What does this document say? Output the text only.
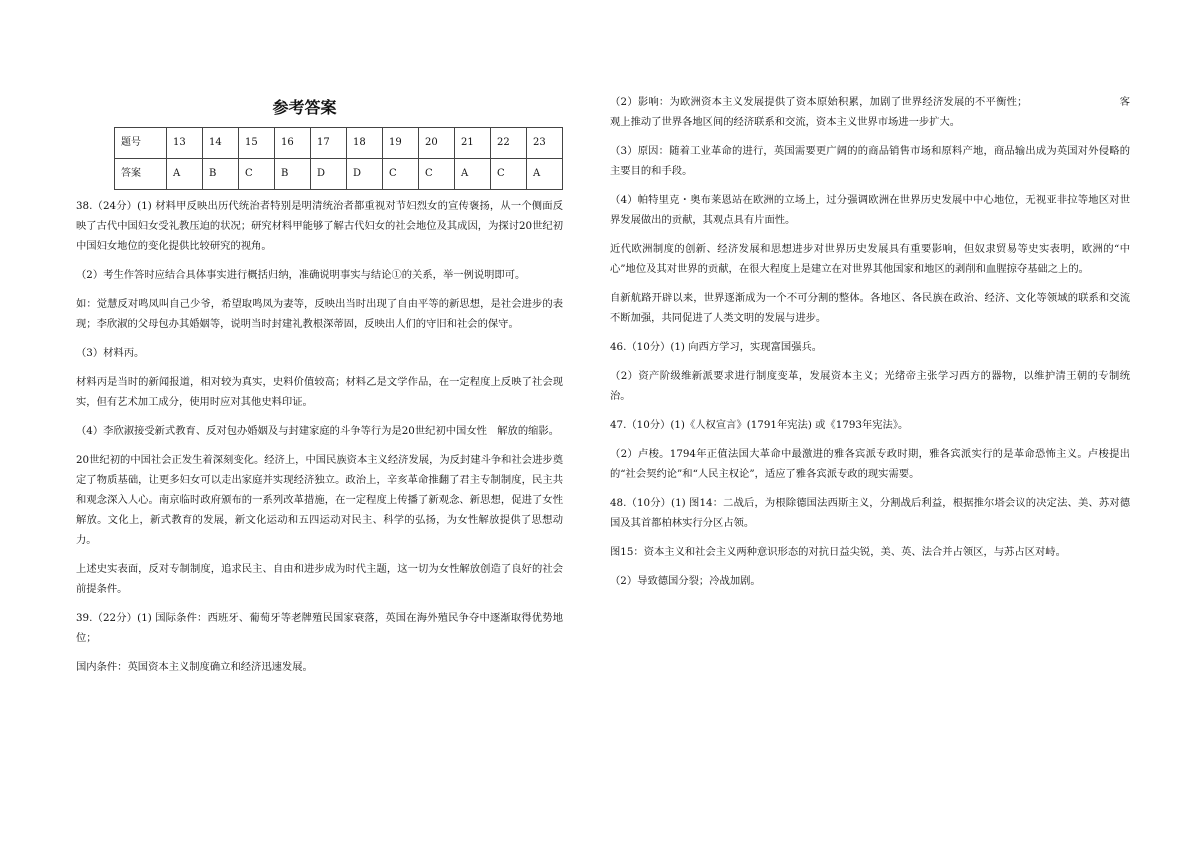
参考答案
题号	13	14	15	16	17	18	19	20	21	22	23
答案	A	B	C	B	D	D	C	C	A	C	A

38.（24分）(1) 材料甲反映出历代统治者特别是明清统治者都重视对节妇烈女的宣传褒扬，从一个侧面反映了古代中国妇女受礼教压迫的状况；研究材料甲能够了解古代妇女的社会地位及其成因，为探讨20世纪初中国妇女地位的变化提供比较研究的视角。

（2）考生作答时应结合具体事实进行概括归纳，准确说明事实与结论①的关系，举一例说明即可。

如：觉慧反对鸣凤叫自己少爷，希望取鸣凤为妻等，反映出当时出现了自由平等的新思想，是社会进步的表现；李欣淑的父母包办其婚姻等，说明当时封建礼教根深蒂固，反映出人们的守旧和社会的保守。

（3）材料丙。

材料丙是当时的新闻报道，相对较为真实，史料价值较高；材料乙是文学作品，在一定程度上反映了社会现实，但有艺术加工成分，使用时应对其他史料印证。

（4）李欣淑接受新式教育、反对包办婚姻及与封建家庭的斗争等行为是20世纪初中国女性　解放的缩影。

20世纪初的中国社会正发生着深刻变化。经济上，中国民族资本主义经济发展，为反封建斗争和社会进步奠定了物质基础，让更多妇女可以走出家庭并实现经济独立。政治上，辛亥革命推翻了君主专制制度，民主共和观念深入人心。南京临时政府颁布的一系列改革措施，在一定程度上传播了新观念、新思想，促进了女性解放。文化上，新式教育的发展，新文化运动和五四运动对民主、科学的弘扬，为女性解放提供了思想动力。

上述史实表面，反对专制制度，追求民主、自由和进步成为时代主题，这一切为女性解放创造了良好的社会前提条件。

39.（22分）(1) 国际条件：西班牙、葡萄牙等老牌殖民国家衰落，英国在海外殖民争夺中逐渐取得优势地位；

国内条件：英国资本主义制度确立和经济迅速发展。

（2）影响：为欧洲资本主义发展提供了资本原始积累，加剧了世界经济发展的不平衡性；	客观上推动了世界各地区间的经济联系和交流，资本主义世界市场进一步扩大。

（3）原因：随着工业革命的进行，英国需要更广阔的的商品销售市场和原料产地，商品输出成为英国对外侵略的主要目的和手段。

（4）帕特里克・奥布莱恩站在欧洲的立场上，过分强调欧洲在世界历史发展中中心地位，无视亚非拉等地区对世界发展做出的贡献，其观点具有片面性。

近代欧洲制度的创新、经济发展和思想进步对世界历史发展具有重要影响，但奴隶贸易等史实表明，欧洲的“中心”地位及其对世界的贡献，在很大程度上是建立在对世界其他国家和地区的剥削和血腥掠夺基础之上的。

自新航路开辟以来，世界逐渐成为一个不可分割的整体。各地区、各民族在政治、经济、文化等领域的联系和交流不断加强，共同促进了人类文明的发展与进步。

46.（10分）(1) 向西方学习，实现富国强兵。

（2）资产阶级维新派要求进行制度变革，发展资本主义；光绪帝主张学习西方的器物，以维护清王朝的专制统治。

47.（10分）(1)《人权宣言》(1791年宪法) 或《1793年宪法》。

（2）卢梭。1794年正值法国大革命中最激进的雅各宾派专政时期，雅各宾派实行的是革命恐怖主义。卢梭提出的“社会契约论”和“人民主权论”，适应了雅各宾派专政的现实需要。

48.（10分）(1) 图14：二战后，为根除德国法西斯主义，分割战后利益，根据推尔塔会议的决定法、美、苏对德国及其首都柏林实行分区占领。

图15：资本主义和社会主义两种意识形态的对抗日益尖锐，美、英、法合并占领区，与苏占区对峙。

（2）导致德国分裂；冷战加剧。
